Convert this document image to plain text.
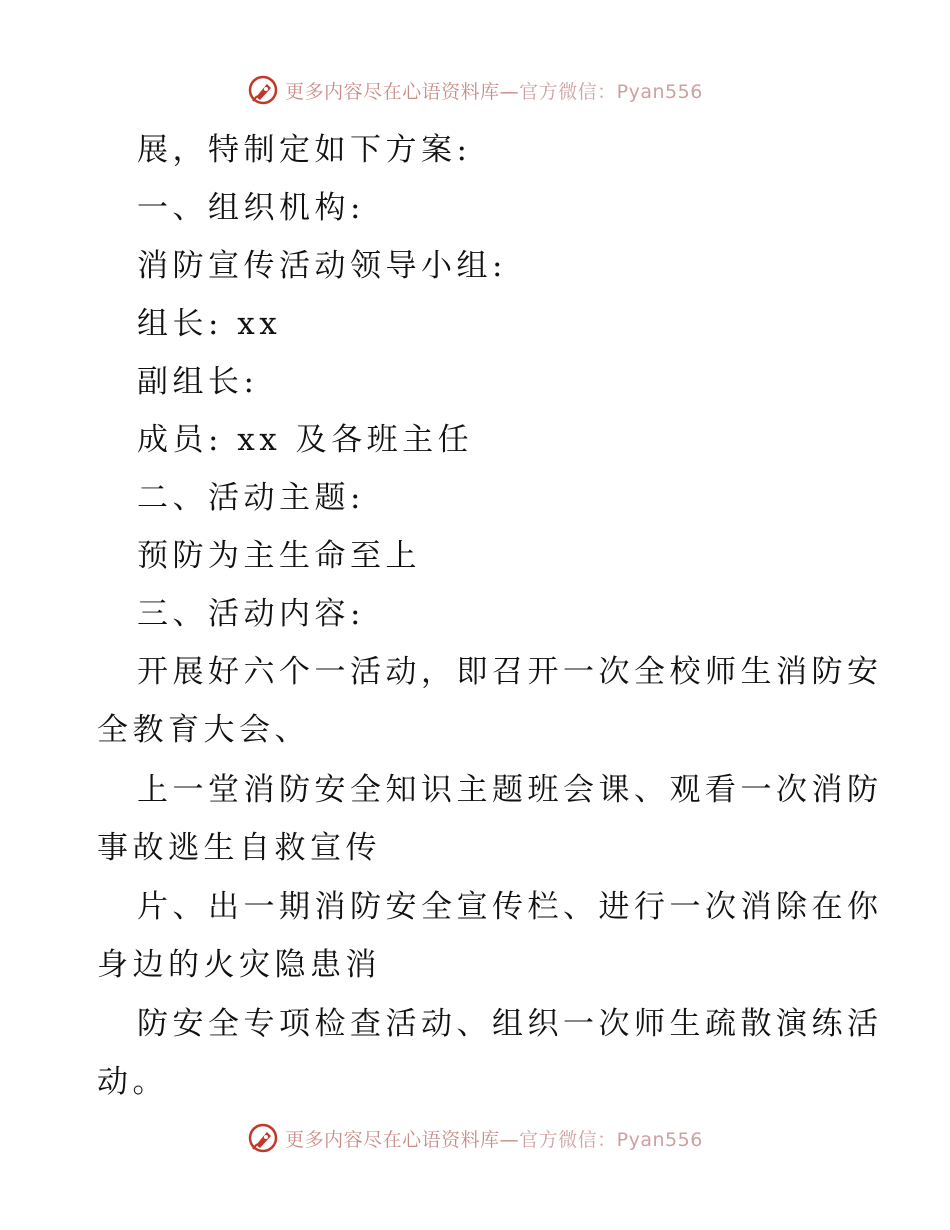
更多内容尽在心语资料库—官方微信：Pyan556
展，特制定如下方案:
一、组织机构:
消防宣传活动领导小组:
组长: xx
副组长:
成员: xx 及各班主任
二、活动主题:
预防为主生命至上
三、活动内容:
开展好六个一活动，即召开一次全校师生消防安
全教育大会、
上一堂消防安全知识主题班会课、观看一次消防
事故逃生自救宣传
片、出一期消防安全宣传栏、进行一次消除在你
身边的火灾隐患消
防安全专项检查活动、组织一次师生疏散演练活
动。
更多内容尽在心语资料库—官方微信：Pyan556
